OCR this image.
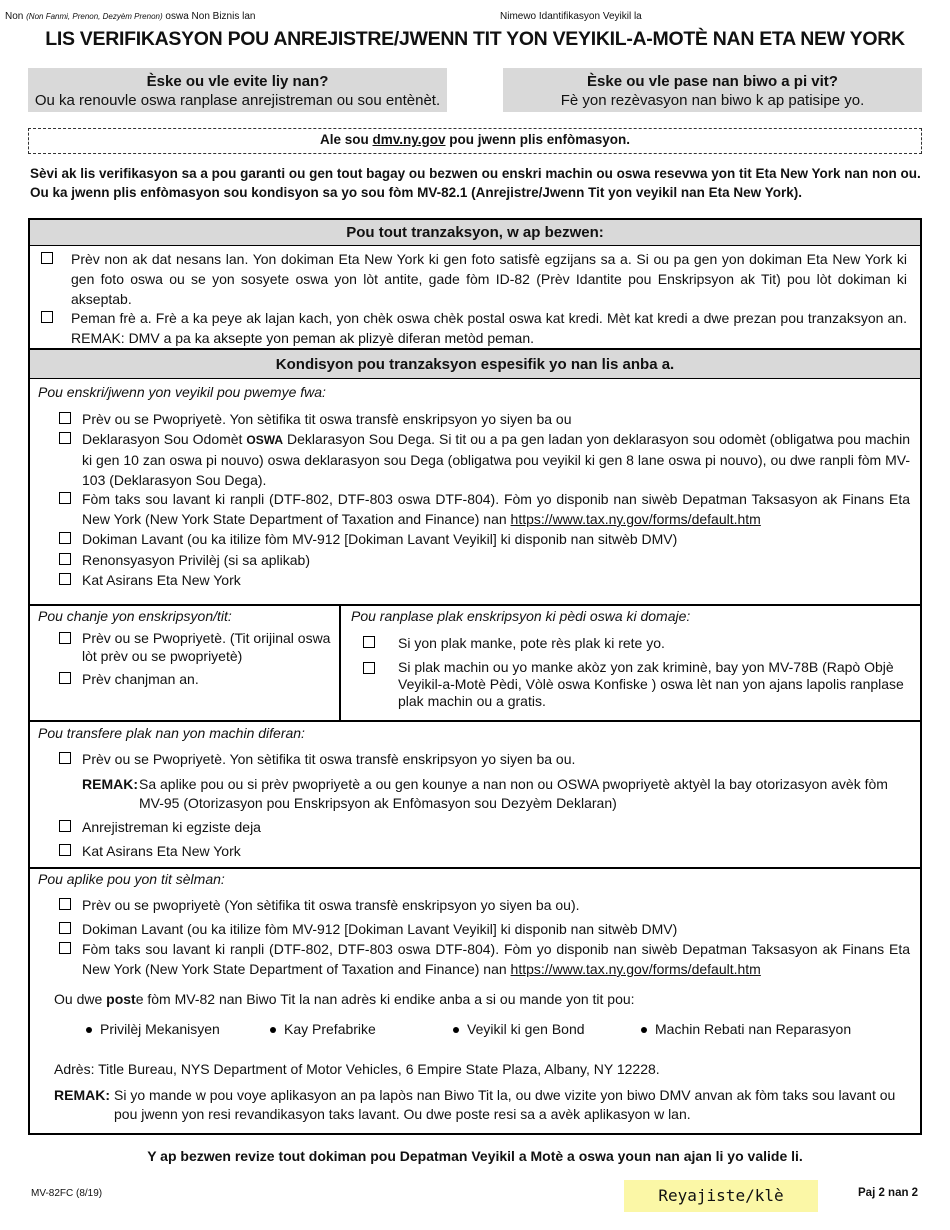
Non (Non Fanmi, Prenon, Dezyèm Prenon) oswa Non Biznis lan	Nimewo Idantifikasyon Veyikil la
LIS VERIFIKASYON POU ANREJISTRE/JWENN TIT YON VEYIKIL-A-MOTÈ NAN ETA NEW YORK
Èske ou vle evite liy nan?
Ou ka renouvle oswa ranplase anrejistreman ou sou entènèt.
Èske ou vle pase nan biwo a pi vit?
Fè yon rezèvasyon nan biwo k ap patisipe yo.
Ale sou dmv.ny.gov pou jwenn plis enfòmasyon.
Sèvi ak lis verifikasyon sa a pou garanti ou gen tout bagay ou bezwen ou enskri machin ou oswa resevwa yon tit Eta New York nan non ou. Ou ka jwenn plis enfòmasyon sou kondisyon sa yo sou fòm MV-82.1 (Anrejistre/Jwenn Tit yon veyikil nan Eta New York).
Pou tout tranzaksyon, w ap bezwen:
Prèv non ak dat nesans lan. Yon dokiman Eta New York ki gen foto satisfè egzijans sa a. Si ou pa gen yon dokiman Eta New York ki gen foto oswa ou se yon sosyete oswa yon lòt antite, gade fòm ID-82 (Prèv Idantite pou Enskripsyon ak Tit) pou lòt dokiman ki akseptab.
Peman frè a. Frè a ka peye ak lajan kach, yon chèk oswa chèk postal oswa kat kredi. Mèt kat kredi a dwe prezan pou tranzaksyon an. REMAK: DMV a pa ka aksepte yon peman ak plizyè diferan metòd peman.
Kondisyon pou tranzaksyon espesifik yo nan lis anba a.
Pou enskri/jwenn yon veyikil pou pwemye fwa:
Prèv ou se Pwopriyetè. Yon sètifika tit oswa transfè enskripsyon yo siyen ba ou
Deklarasyon Sou Odomèt OSWA Deklarasyon Sou Dega. Si tit ou a pa gen ladan yon deklarasyon sou odomèt (obligatwa pou machin ki gen 10 zan oswa pi nouvo) oswa deklarasyon sou Dega (obligatwa pou veyikil ki gen 8 lane oswa pi nouvo), ou dwe ranpli fòm MV-103 (Deklarasyon Sou Dega).
Fòm taks sou lavant ki ranpli (DTF-802, DTF-803 oswa DTF-804). Fòm yo disponib nan siwèb Depatman Taksasyon ak Finans Eta New York (New York State Department of Taxation and Finance) nan https://www.tax.ny.gov/forms/default.htm
Dokiman Lavant (ou ka itilize fòm MV-912 [Dokiman Lavant Veyikil] ki disponib nan sitwèb DMV)
Renonsyasyon Privilèj (si sa aplikab)
Kat Asirans Eta New York
Pou chanje yon enskripsyon/tit:
Prèv ou se Pwopriyetè. (Tit orijinal oswa lòt prèv ou se pwopriyetè)
Prèv chanjman an.
Pou ranplase plak enskripsyon ki pèdi oswa ki domaje:
Si yon plak manke, pote rès plak ki rete yo.
Si plak machin ou yo manke akòz yon zak kriminè, bay yon MV-78B (Rapò Objè Veyikil-a-Motè Pèdi, Vòlè oswa Konfiske ) oswa lèt nan yon ajans lapolis ranplase plak machin ou a gratis.
Pou transfere plak nan yon machin diferan:
Prèv ou se Pwopriyetè. Yon sètifika tit oswa transfè enskripsyon yo siyen ba ou.
REMAK: Sa aplike pou ou si prèv pwopriyetè a ou gen kounye a nan non ou OSWA pwopriyetè aktyèl la bay otorizasyon avèk fòm MV-95 (Otorizasyon pou Enskripsyon ak Enfòmasyon sou Dezyèm Deklaran)
Anrejistreman ki egziste deja
Kat Asirans Eta New York
Pou aplike pou yon tit sèlman:
Prèv ou se pwopriyetè (Yon sètifika tit oswa transfè enskripsyon yo siyen ba ou).
Dokiman Lavant (ou ka itilize fòm MV-912 [Dokiman Lavant Veyikil] ki disponib nan sitwèb DMV)
Fòm taks sou lavant ki ranpli (DTF-802, DTF-803 oswa DTF-804). Fòm yo disponib nan siwèb Depatman Taksasyon ak Finans Eta New York (New York State Department of Taxation and Finance) nan https://www.tax.ny.gov/forms/default.htm
Ou dwe poste fòm MV-82 nan Biwo Tit la nan adrès ki endike anba a si ou mande yon tit pou:
Privilèj Mekanisyen	Kay Prefabrike	Veyikil ki gen Bond	Machin Rebati nan Reparasyon
Adrès: Title Bureau, NYS Department of Motor Vehicles, 6 Empire State Plaza, Albany, NY 12228.
REMAK: Si yo mande w pou voye aplikasyon an pa lapòs nan Biwo Tit la, ou dwe vizite yon biwo DMV anvan ak fòm taks sou lavant ou pou jwenn yon resi revandikasyon taks lavant. Ou dwe poste resi sa a avèk aplikasyon w lan.
Y ap bezwen revize tout dokiman pou Depatman Veyikil a Motè a oswa youn nan ajan li yo valide li.
MV-82FC (8/19)	Reyajiste/klè	Paj 2 nan 2
